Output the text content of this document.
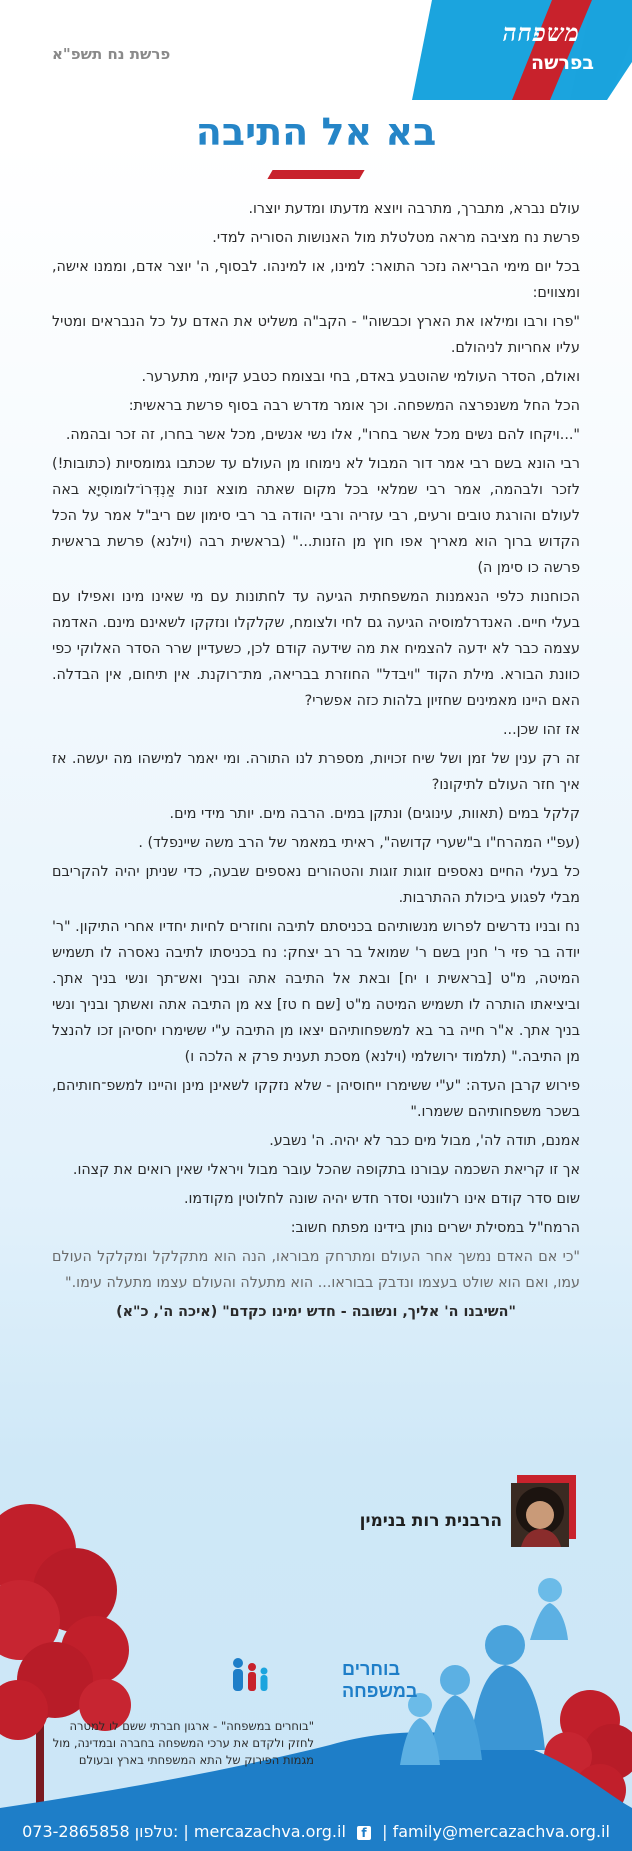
פרשת נח תשפ"א
משפחה
בפרשה
בא אל התיבה

עולם נברא, מתברך, מתרבה ויוצא מדעתו ומדעת יוצרו.

פרשת נח מציבה מראה מטלטלת מול האנושות הסוריה למדי.

בכל יום מימי הבריאה נזכר התואר: למינו, או למינהו. לבסוף, ה' יוצר אדם, וממנו אישה, ומצווים:

"פרו ורבו ומילאו את הארץ וכבשוה" - הקב"ה משליט את האדם על כל הנבראים ומטיל עליו אחריות לניהולם.

ואולם, הסדר העולמי שהוטבע באדם, בחי ובצומח כטבע קיומי, מתערער.

הכל החל משנפרצה המשפחה. וכך אומר מדרש רבה בסוף פרשת בראשית:

"...ויקחו להם נשים מכל אשר בחרו", אלו נשי אנשים, מכל אשר בחרו, זה זכר ובהמה.

רבי הונא בשם רבי אמר דור המבול לא נימוחו מן העולם עד שכתבו גמומסיות (כתובות!) לזכר ולבהמה, אמר רבי שמלאי בכל מקום שאתה מוצא זנות אַנְדְּרוֹ־לומוסְיָא באה לעולם והורגת טובים ורעים, רבי עזריה ורבי יהודה בר רבי סימון שם ריב"ל אמר על הכל הקדוש ברוך הוא מאריך אפו חוץ מן הזנות..." (בראשית רבה (וילנא) פרשת בראשית פרשה כו סימן ה)

הכוחנות כלפי הנאמנות המשפחתית הגיעה עד לחתונות עם מי שאינו מינו ואפילו עם בעלי חיים. האנדרלמוסיה הגיעה גם לחי ולצומח, שקלקלו ונזקקו לשאינם מינם. האדמה עצמה כבר לא ידעה להצמיח את מה שידעה קודם לכן, כשעדיין שרר הסדר האלוקי כפי כוונת הבורא. מילת הקוד "ויבדל" החוזרת בבריאה, מת־רוקנת. אין תיחום, אין הבדלה. האם היינו מאמינים שחזיון בלהות כזה אפשרי?

אז זהו שכן...

זה רק ענין של זמן ושל שיח זכויות, מספרת לנו התורה. ומי יאמר למישהו מה יעשה. אז איך חזר העולם לתיקונו?

קלקל במים (תאוות, עינוגים) ונתקן במים. הרבה מים. יותר מידי מים.

(עפ"י המהרח"ו ב"שערי קדושה", ראיתי במאמר של הרב משה שיינפלד) .

כל בעלי החיים נאספים זוגות זוגות והטהורים נאספים שבעה, כדי שניתן יהיה להקריבם מבלי לפגוע ביכולת ההתרבות.

נח ובניו נדרשים לפרוש מנשותיהם בכניסתם לתיבה וחוזרים לחיות יחדיו אחרי התיקון. "ר' יודה בר פזי ר' חנין בשם ר' שמואל בר רב יצחק: נח בכניסתו לתיבה נאסרה לו תשמיש המיטה, מ"ט [בראשית ו יח] ובאת אל התיבה אתה ובניך ואש־תך ונשי בניך אתך. וביציאתו הותרה לו תשמיש המיטה מ"ט [שם ח טז] צא מן התיבה אתה ואשתך ובניך ונשי בניך אתך. א"ר חייה בר בא למשפחותיהם יצאו מן התיבה ע"י ששימרו יחסיהן זכו להנצל מן התיבה." (תלמוד ירושלמי (וילנא) מסכת תענית פרק א הלכה ו)

פירוש קרבן העדה: "ע"י ששימרו ייחוסיהן - שלא נזקקו לשאינן מינן והיינו למשפ־חותיהם, בשכר משפחותיהם ששמרו."

אמנם, תודה לה', מבול מים כבר לא יהיה. ה' נשבע.

אך זו קריאת השכמה עבורנו בתקופה שהכל עובר מבול ויראלי שאין רואים את קצהו.

שום סדר קודם אינו רלוונטי וסדר חדש יהיה שונה לחלוטין מקודמו.

הרמח"ל במסילת ישרים נותן בידינו מפתח חשוב:

"כי אם האדם נמשך אחר העולם ומתרחק מבוראו, הנה הוא מתקלקל ומקלקל העולם עמו, ואם הוא שולט בעצמו ונדבק בבוראו... הוא מתעלה והעולם עצמו מתעלה עימו."

"השיבנו ה' אליך, ונשובה - חדש ימינו כקדם" (איכה ה', כ"א)

הרבנית רות בנימין
בוחרים
במשפחה
"בוחרים במשפחה" - ארגון חברתי ששם לו למטרה לחזק ולקדם את ערכי המשפחה בחברה ובמדינה, מול מגמות הפירוק של התא המשפחתי בארץ ובעולם
073-2865858 טלפון: | mercazachva.org.il f | family@mercazachva.org.il
